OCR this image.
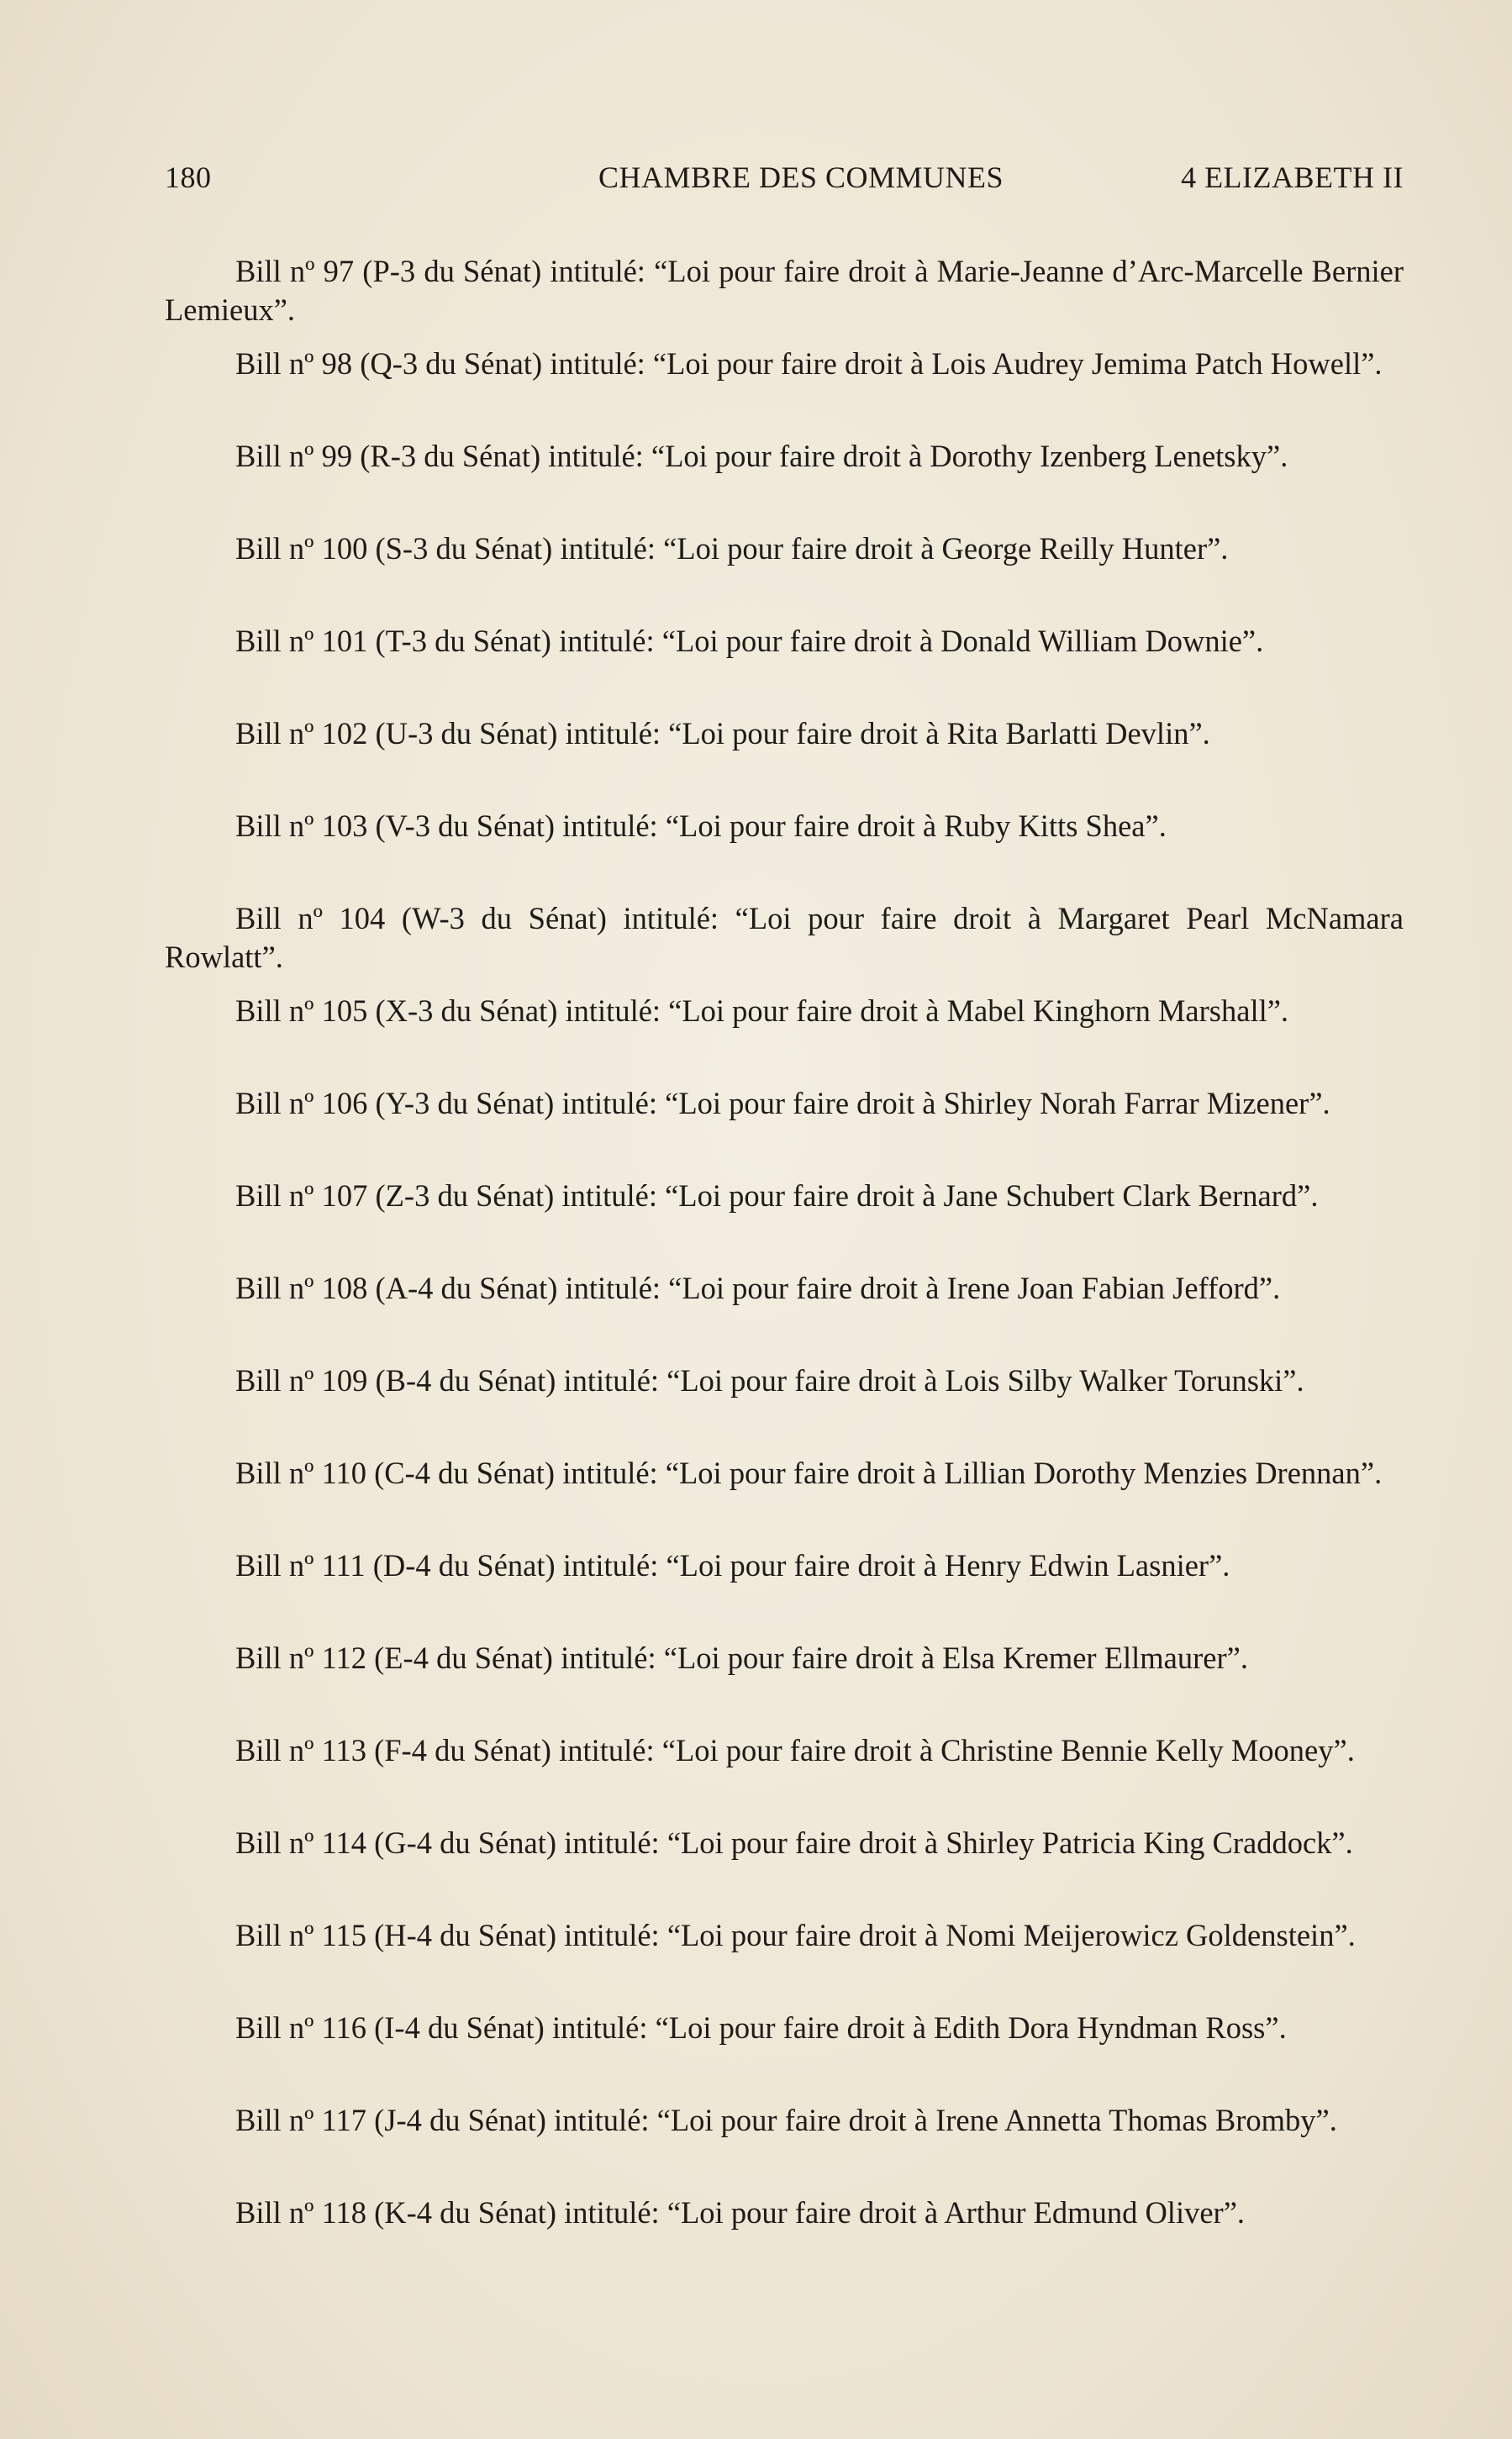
180	CHAMBRE DES COMMUNES	4 ELIZABETH II

Bill nº 97 (P-3 du Sénat) intitulé: “Loi pour faire droit à Marie-Jeanne d’Arc-Marcelle Bernier Lemieux”.

Bill nº 98 (Q-3 du Sénat) intitulé: “Loi pour faire droit à Lois Audrey Jemima Patch Howell”.

Bill nº 99 (R-3 du Sénat) intitulé: “Loi pour faire droit à Dorothy Izenberg Lenetsky”.

Bill nº 100 (S-3 du Sénat) intitulé: “Loi pour faire droit à George Reilly Hunter”.

Bill nº 101 (T-3 du Sénat) intitulé: “Loi pour faire droit à Donald William Downie”.

Bill nº 102 (U-3 du Sénat) intitulé: “Loi pour faire droit à Rita Barlatti Devlin”.

Bill nº 103 (V-3 du Sénat) intitulé: “Loi pour faire droit à Ruby Kitts Shea”.

Bill nº 104 (W-3 du Sénat) intitulé: “Loi pour faire droit à Margaret Pearl McNamara Rowlatt”.

Bill nº 105 (X-3 du Sénat) intitulé: “Loi pour faire droit à Mabel Kinghorn Marshall”.

Bill nº 106 (Y-3 du Sénat) intitulé: “Loi pour faire droit à Shirley Norah Farrar Mizener”.

Bill nº 107 (Z-3 du Sénat) intitulé: “Loi pour faire droit à Jane Schubert Clark Bernard”.

Bill nº 108 (A-4 du Sénat) intitulé: “Loi pour faire droit à Irene Joan Fabian Jefford”.

Bill nº 109 (B-4 du Sénat) intitulé: “Loi pour faire droit à Lois Silby Walker Torunski”.

Bill nº 110 (C-4 du Sénat) intitulé: “Loi pour faire droit à Lillian Dorothy Menzies Drennan”.

Bill nº 111 (D-4 du Sénat) intitulé: “Loi pour faire droit à Henry Edwin Lasnier”.

Bill nº 112 (E-4 du Sénat) intitulé: “Loi pour faire droit à Elsa Kremer Ellmaurer”.

Bill nº 113 (F-4 du Sénat) intitulé: “Loi pour faire droit à Christine Bennie Kelly Mooney”.

Bill nº 114 (G-4 du Sénat) intitulé: “Loi pour faire droit à Shirley Patricia King Craddock”.

Bill nº 115 (H-4 du Sénat) intitulé: “Loi pour faire droit à Nomi Meijerowicz Goldenstein”.

Bill nº 116 (I-4 du Sénat) intitulé: “Loi pour faire droit à Edith Dora Hyndman Ross”.

Bill nº 117 (J-4 du Sénat) intitulé: “Loi pour faire droit à Irene Annetta Thomas Bromby”.

Bill nº 118 (K-4 du Sénat) intitulé: “Loi pour faire droit à Arthur Edmund Oliver”.
